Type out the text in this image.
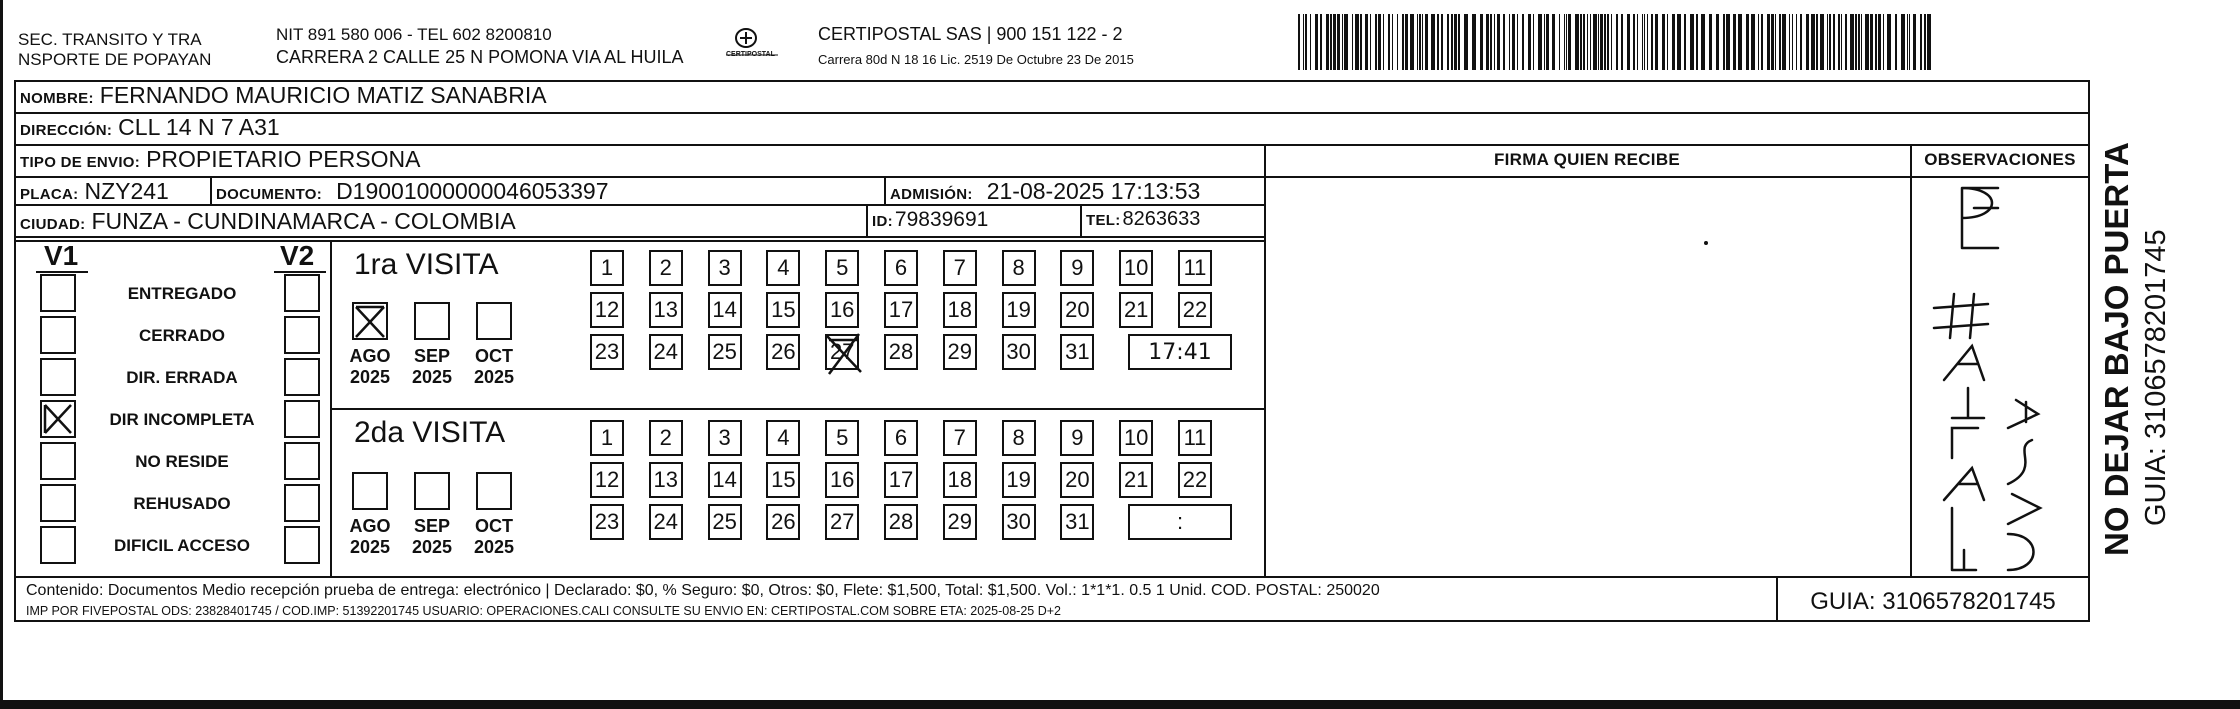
SEC. TRANSITO Y TRA
NSPORTE DE POPAYAN
NIT 891 580 006 - TEL 602 8200810
CARRERA 2 CALLE 25 N POMONA VIA AL HUILA	CERTIPOSTAL
CERTIPOSTAL SAS | 900 151 122 - 2
Carrera 80d N 18 16 Lic. 2519 De Octubre 23 De 2015
NOMBRE: FERNANDO MAURICIO MATIZ SANABRIA
DIRECCIÓN: CLL 14 N 7 A31
TIPO DE ENVIO: PROPIETARIO PERSONA	FIRMA QUIEN RECIBE	OBSERVACIONES
PLACA: NZY241	DOCUMENTO: D19001000000046053397	ADMISIÓN: 21-08-2025 17:13:53
CIUDAD: FUNZA - CUNDINAMARCA - COLOMBIA	ID: 79839691	TEL: 8263633
V1	V2
ENTREGADO
CERRADO
DIR. ERRADA
DIR INCOMPLETA
NO RESIDE
REHUSADO
DIFICIL ACCESO
1ra VISITA
AGO
2025
SEP
2025
OCT
2025
1 2 3 4 5 6 7 8 9 10 11
12 13 14 15 16 17 18 19 20 21 22
23 24 25 26 27 28 29 30 31	17:41
2da VISITA
AGO
2025
SEP
2025
OCT
2025
1 2 3 4 5 6 7 8 9 10 11
12 13 14 15 16 17 18 19 20 21 22
23 24 25 26 27 28 29 30 31	:
Contenido: Documentos Medio recepción prueba de entrega: electrónico | Declarado: $0, % Seguro: $0, Otros: $0, Flete: $1,500, Total: $1,500. Vol.: 1*1*1. 0.5 1 Unid. COD. POSTAL: 250020
IMP POR FIVEPOSTAL ODS: 23828401745 / COD.IMP: 51392201745 USUARIO: OPERACIONES.CALI CONSULTE SU ENVIO EN: CERTIPOSTAL.COM SOBRE ETA: 2025-08-25 D+2	GUIA: 3106578201745
NO DEJAR BAJO PUERTA GUIA: 3106578201745
